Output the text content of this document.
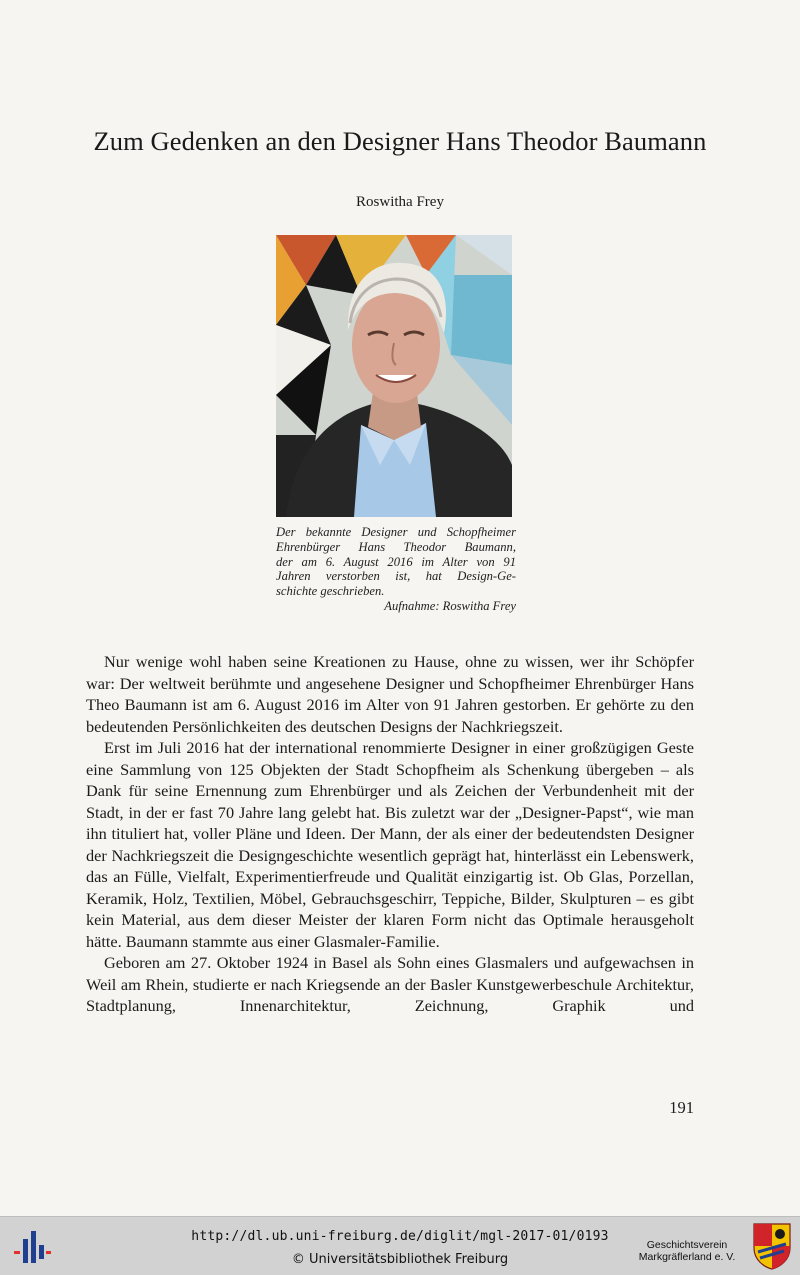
Zum Gedenken an den Designer Hans Theodor Baumann
Roswitha Frey
Der bekannte Designer und Schopfheimer
Ehrenbürger Hans Theodor Baumann,
der am 6. August 2016 im Alter von 91
Jahren verstorben ist, hat Design-Ge-

schichte geschrieben.
Aufnahme: Roswitha Frey

Nur wenige wohl haben seine Kreationen zu Hause, ohne zu wissen, wer ihr Schöpfer war: Der weltweit berühmte und angesehene Designer und Schopfheimer Ehrenbürger Hans Theo Baumann ist am 6. August 2016 im Alter von 91 Jahren gestorben. Er gehörte zu den bedeutenden Persönlichkeiten des deutschen Designs der Nachkriegszeit.

Erst im Juli 2016 hat der international renommierte Designer in einer großzügigen Geste eine Sammlung von 125 Objekten der Stadt Schopfheim als Schenkung übergeben – als Dank für seine Ernennung zum Ehrenbürger und als Zeichen der Verbundenheit mit der Stadt, in der er fast 70 Jahre lang gelebt hat. Bis zuletzt war der „Designer-Papst“, wie man ihn tituliert hat, voller Pläne und Ideen. Der Mann, der als einer der bedeutendsten Designer der Nachkriegszeit die Designgeschichte wesentlich geprägt hat, hinterlässt ein Lebenswerk, das an Fülle, Vielfalt, Experimentierfreude und Qualität einzigartig ist. Ob Glas, Porzellan, Keramik, Holz, Textilien, Möbel, Gebrauchsgeschirr, Teppiche, Bilder, Skulpturen – es gibt kein Material, aus dem dieser Meister der klaren Form nicht das Optimale herausgeholt hätte. Baumann stammte aus einer Glasmaler-Familie.

Geboren am 27. Oktober 1924 in Basel als Sohn eines Glasmalers und aufgewachsen in Weil am Rhein, studierte er nach Kriegsende an der Basler Kunstgewerbeschule Architektur, Stadtplanung, Innenarchitektur, Zeichnung, Graphik und

191
http://dl.ub.uni-freiburg.de/diglit/mgl-2017-01/0193
© Universitätsbibliothek Freiburg
Geschichtsverein
Markgräflerland e. V.
